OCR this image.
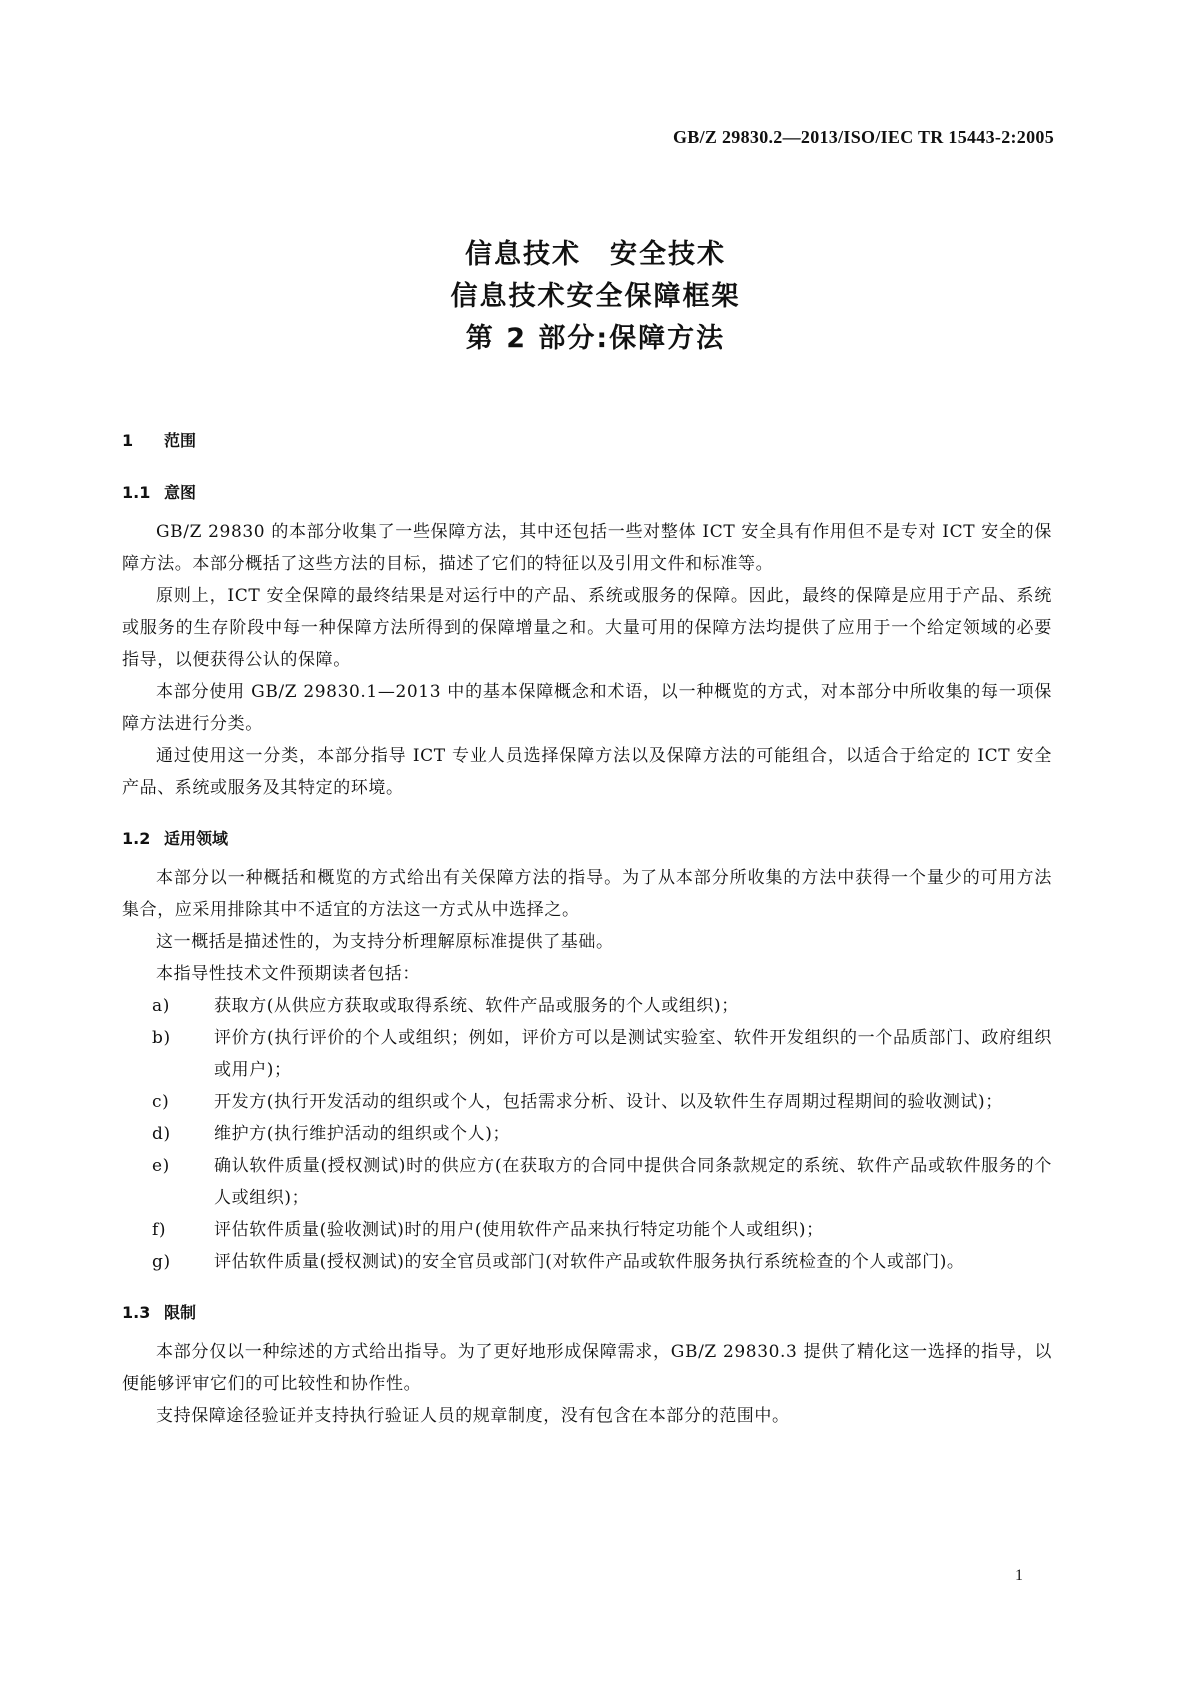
GB/Z 29830.2—2013/ISO/IEC TR 15443-2:2005
信息技术　安全技术
信息技术安全保障框架
第 2 部分:保障方法
1 范围
1.1 意图

GB/Z 29830 的本部分收集了一些保障方法，其中还包括一些对整体 ICT 安全具有作用但不是专对 ICT 安全的保障方法。本部分概括了这些方法的目标，描述了它们的特征以及引用文件和标准等。

原则上，ICT 安全保障的最终结果是对运行中的产品、系统或服务的保障。因此，最终的保障是应用于产品、系统或服务的生存阶段中每一种保障方法所得到的保障增量之和。大量可用的保障方法均提供了应用于一个给定领域的必要指导，以便获得公认的保障。

本部分使用 GB/Z 29830.1—2013 中的基本保障概念和术语，以一种概览的方式，对本部分中所收集的每一项保障方法进行分类。

通过使用这一分类，本部分指导 ICT 专业人员选择保障方法以及保障方法的可能组合，以适合于给定的 ICT 安全产品、系统或服务及其特定的环境。

1.2 适用领域

本部分以一种概括和概览的方式给出有关保障方法的指导。为了从本部分所收集的方法中获得一个量少的可用方法集合，应采用排除其中不适宜的方法这一方式从中选择之。

这一概括是描述性的，为支持分析理解原标准提供了基础。

本指导性技术文件预期读者包括：

a)	获取方(从供应方获取或取得系统、软件产品或服务的个人或组织)；
b)	评价方(执行评价的个人或组织；例如，评价方可以是测试实验室、软件开发组织的一个品质部门、政府组织或用户)；
c)	开发方(执行开发活动的组织或个人，包括需求分析、设计、以及软件生存周期过程期间的验收测试)；
d)	维护方(执行维护活动的组织或个人)；
e)	确认软件质量(授权测试)时的供应方(在获取方的合同中提供合同条款规定的系统、软件产品或软件服务的个人或组织)；
f)	评估软件质量(验收测试)时的用户(使用软件产品来执行特定功能个人或组织)；
g)	评估软件质量(授权测试)的安全官员或部门(对软件产品或软件服务执行系统检查的个人或部门)。
1.3 限制

本部分仅以一种综述的方式给出指导。为了更好地形成保障需求，GB/Z 29830.3 提供了精化这一选择的指导，以便能够评审它们的可比较性和协作性。

支持保障途径验证并支持执行验证人员的规章制度，没有包含在本部分的范围中。

1
